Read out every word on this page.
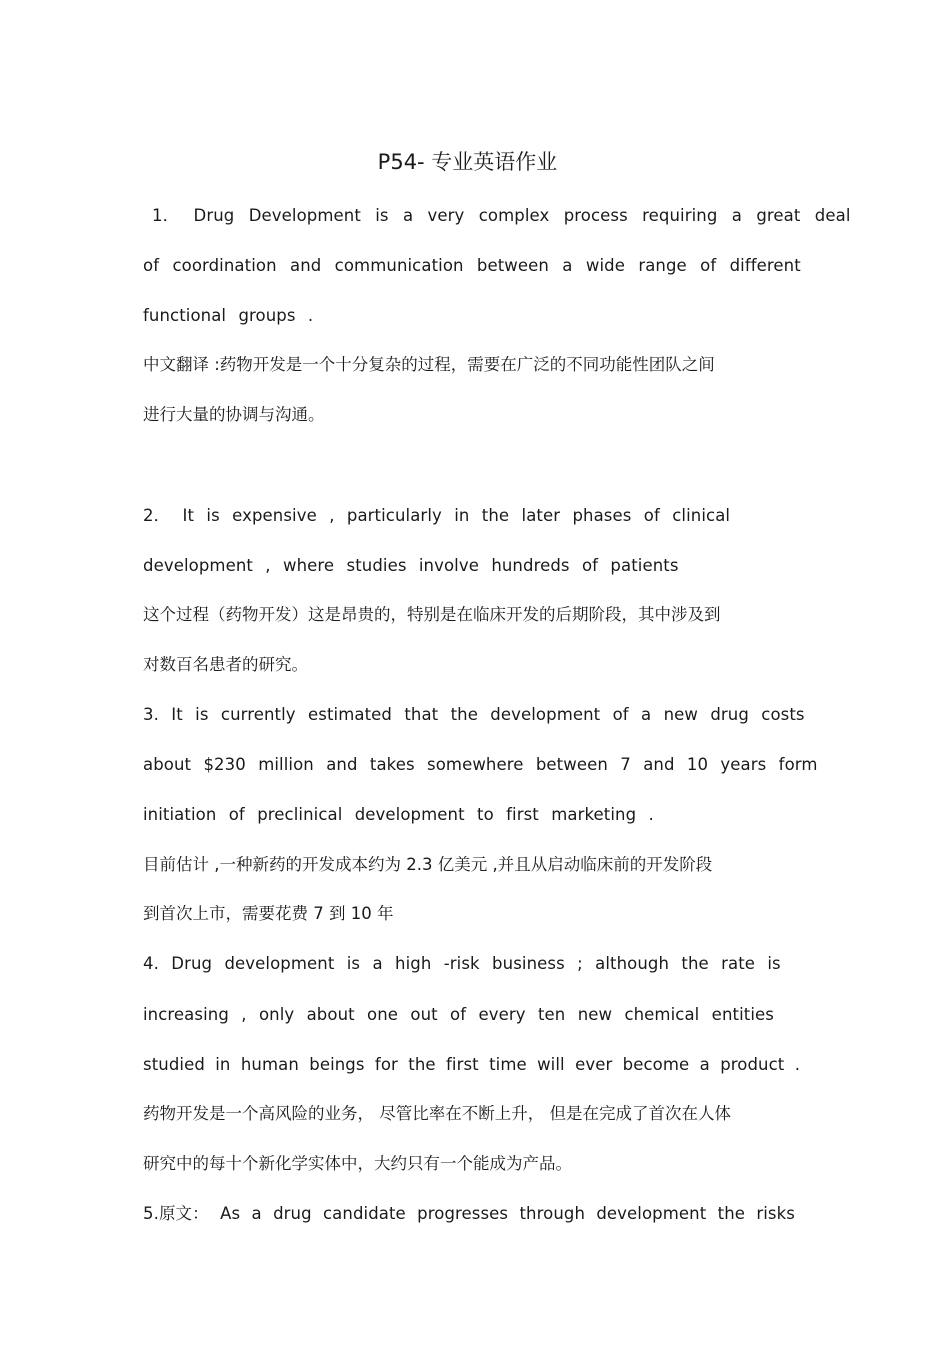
P54- 专业英语作业
1． Drug Development is a very complex process requiring a great deal
of coordination and communication between a wide range of different
functional groups .
中文翻译 :药物开发是一个十分复杂的过程，需要在广泛的不同功能性团队之间
进行大量的协调与沟通。
2． It is expensive , particularly in the later phases of clinical
development , where studies involve hundreds of patients
这个过程（药物开发）这是昂贵的，特别是在临床开发的后期阶段，其中涉及到
对数百名患者的研究。
3. It is currently estimated that the development of a new drug costs
about $230 million and takes somewhere between 7 and 10 years form
initiation of preclinical development to first marketing .
目前估计 ,一种新药的开发成本约为 2.3 亿美元 ,并且从启动临床前的开发阶段
到首次上市，需要花费 7 到 10 年
4. Drug development is a high -risk business ; although the rate is
increasing , only about one out of every ten new chemical entities
studied in human beings for the first time will ever become a product .
药物开发是一个高风险的业务， 尽管比率在不断上升， 但是在完成了首次在人体
研究中的每十个新化学实体中，大约只有一个能成为产品。
5.原文： As a drug candidate progresses through development the risks
